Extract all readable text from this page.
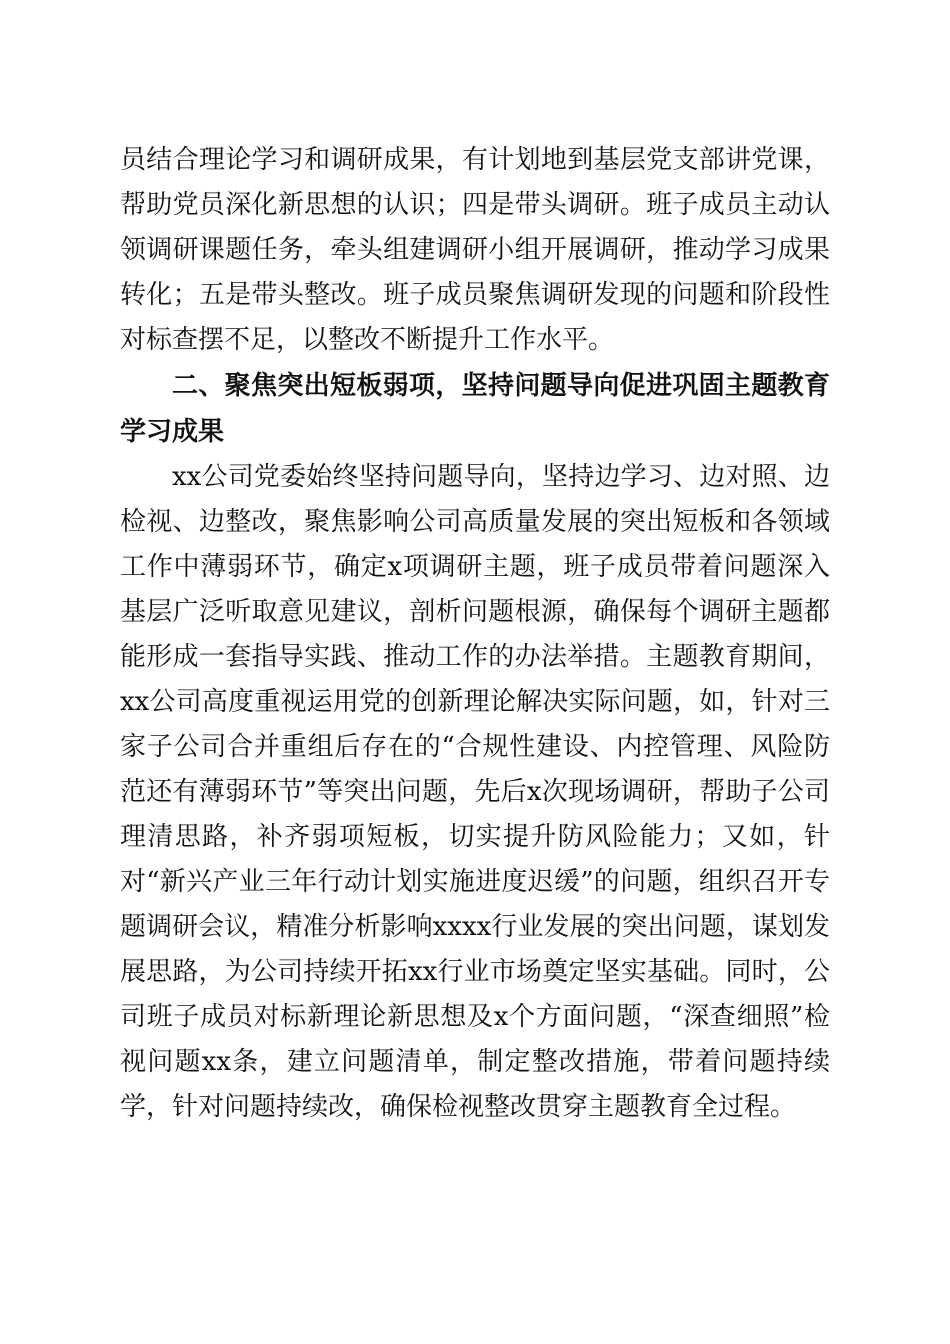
员结合理论学习和调研成果，有计划地到基层党支部讲党课，帮助党员深化新思想的认识；四是带头调研。班子成员主动认领调研课题任务，牵头组建调研小组开展调研，推动学习成果转化；五是带头整改。班子成员聚焦调研发现的问题和阶段性对标查摆不足，以整改不断提升工作水平。

二、聚焦突出短板弱项，坚持问题导向促进巩固主题教育学习成果

xx公司党委始终坚持问题导向，坚持边学习、边对照、边检视、边整改，聚焦影响公司高质量发展的突出短板和各领域工作中薄弱环节，确定x项调研主题，班子成员带着问题深入基层广泛听取意见建议，剖析问题根源，确保每个调研主题都能形成一套指导实践、推动工作的办法举措。主题教育期间，xx公司高度重视运用党的创新理论解决实际问题，如，针对三家子公司合并重组后存在的“合规性建设、内控管理、风险防范还有薄弱环节”等突出问题，先后x次现场调研，帮助子公司理清思路，补齐弱项短板，切实提升防风险能力；又如，针对“新兴产业三年行动计划实施进度迟缓”的问题，组织召开专题调研会议，精准分析影响xxxx行业发展的突出问题，谋划发展思路，为公司持续开拓xx行业市场奠定坚实基础。同时，公司班子成员对标新理论新思想及x个方面问题，“深查细照”检视问题xx条，建立问题清单，制定整改措施，带着问题持续学，针对问题持续改，确保检视整改贯穿主题教育全过程。
